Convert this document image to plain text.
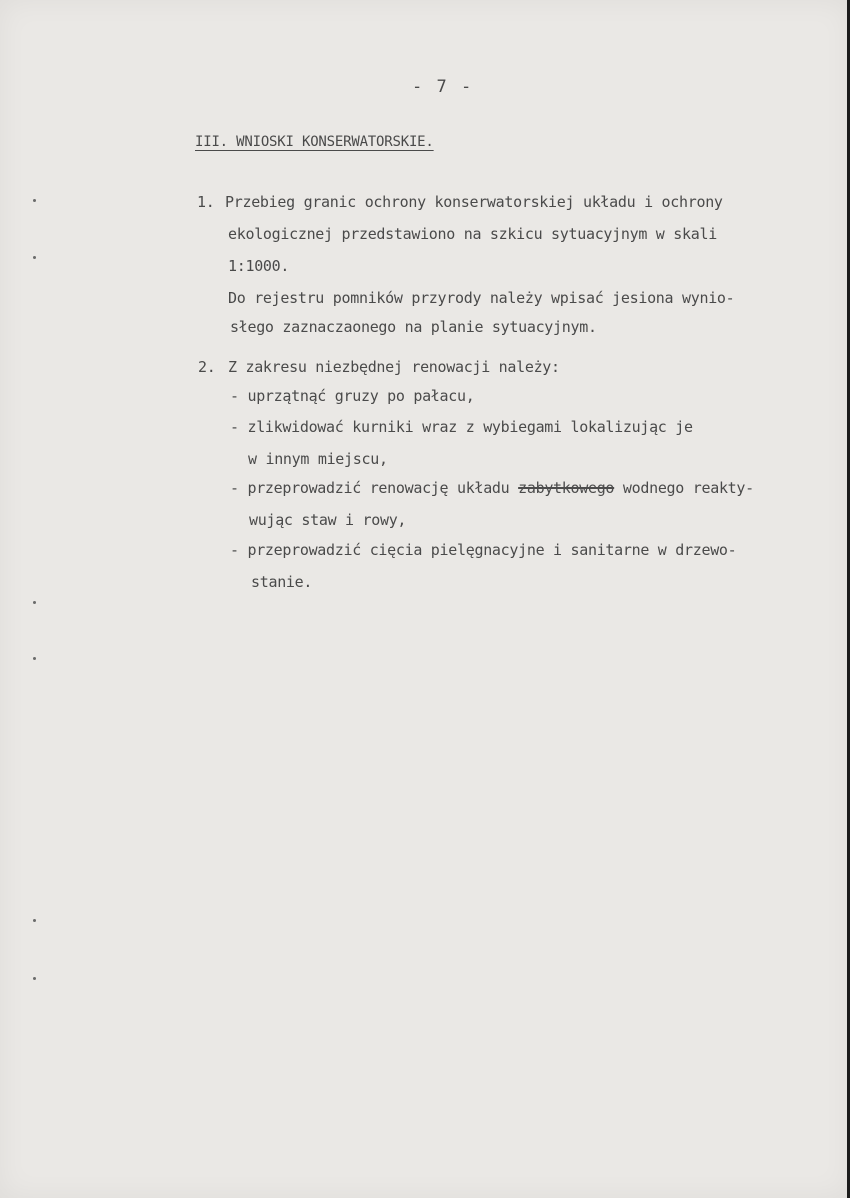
- 7 -
III. WNIOSKI KONSERWATORSKIE.
1. Przebieg granic ochrony konserwatorskiej układu i ochrony
ekologicznej przedstawiono na szkicu sytuacyjnym w skali
1:1000.
Do rejestru pomników przyrody należy wpisać jesiona wynio-
słego zaznaczaonego na planie sytuacyjnym.
2. Z zakresu niezbędnej renowacji należy:
- uprzątnąć gruzy po pałacu,
- zlikwidować kurniki wraz z wybiegami lokalizując je
w innym miejscu,
- przeprowadzić renowację układu zabytkowego wodnego reakty-
wując staw i rowy,
- przeprowadzić cięcia pielęgnacyjne i sanitarne w drzewo-
stanie.
